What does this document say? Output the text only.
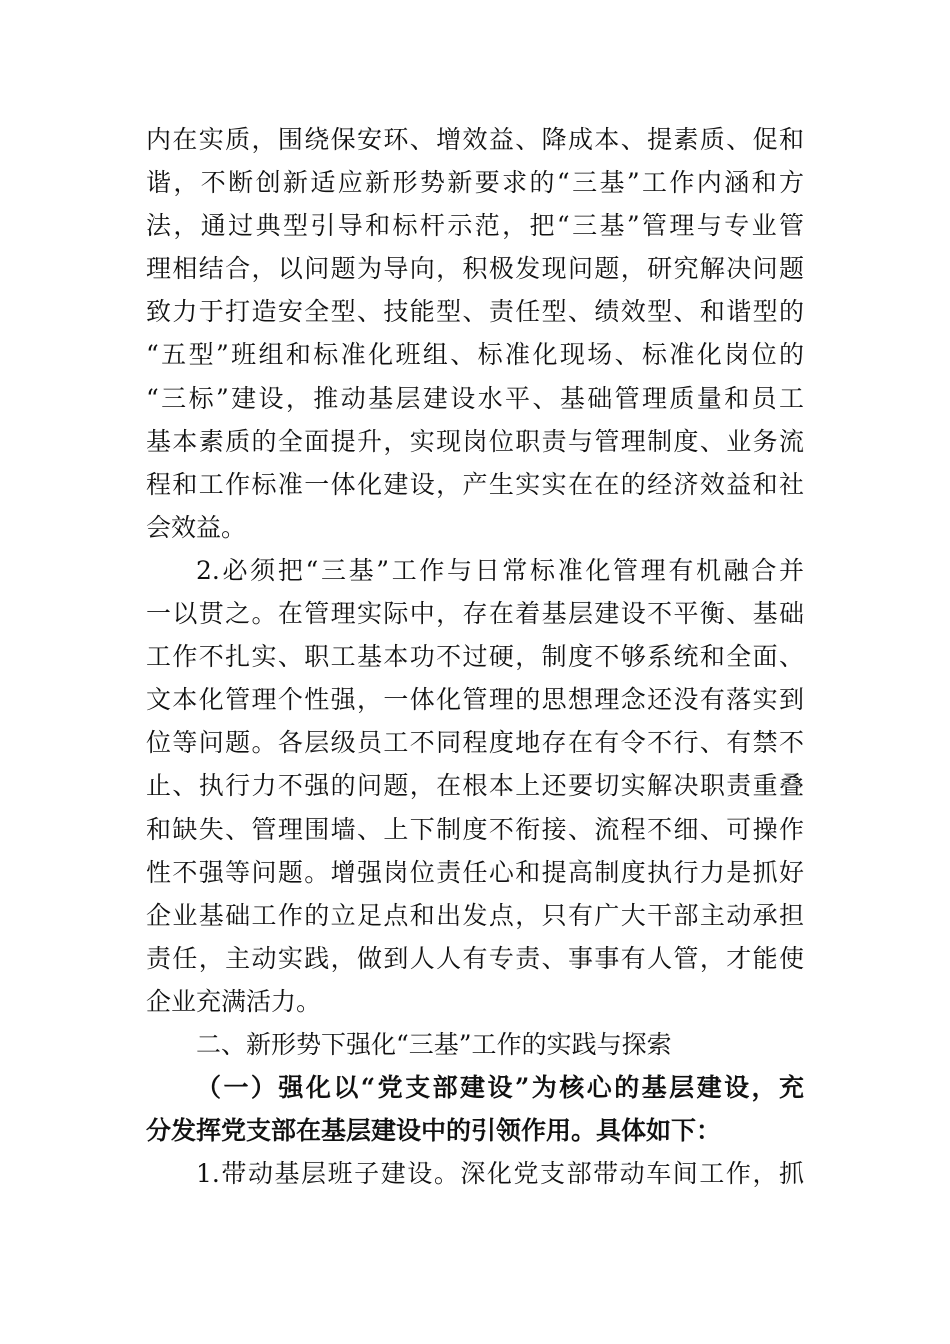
内在实质，围绕保安环、增效益、降成本、提素质、促和
谐，不断创新适应新形势新要求的“三基”工作内涵和方
法，通过典型引导和标杆示范，把“三基”管理与专业管
理相结合，以问题为导向，积极发现问题，研究解决问题
致力于打造安全型、技能型、责任型、绩效型、和谐型的
“五型”班组和标准化班组、标准化现场、标准化岗位的
“三标”建设，推动基层建设水平、基础管理质量和员工
基本素质的全面提升，实现岗位职责与管理制度、业务流
程和工作标准一体化建设，产生实实在在的经济效益和社
会效益。
2.必须把“三基”工作与日常标准化管理有机融合并
一以贯之。在管理实际中，存在着基层建设不平衡、基础
工作不扎实、职工基本功不过硬，制度不够系统和全面、
文本化管理个性强，一体化管理的思想理念还没有落实到
位等问题。各层级员工不同程度地存在有令不行、有禁不
止、执行力不强的问题，在根本上还要切实解决职责重叠
和缺失、管理围墙、上下制度不衔接、流程不细、可操作
性不强等问题。增强岗位责任心和提高制度执行力是抓好
企业基础工作的立足点和出发点，只有广大干部主动承担
责任，主动实践，做到人人有专责、事事有人管，才能使
企业充满活力。
二、新形势下强化“三基”工作的实践与探索
（一）强化以“党支部建设”为核心的基层建设，充
分发挥党支部在基层建设中的引领作用。具体如下：
1.带动基层班子建设。深化党支部带动车间工作，抓
